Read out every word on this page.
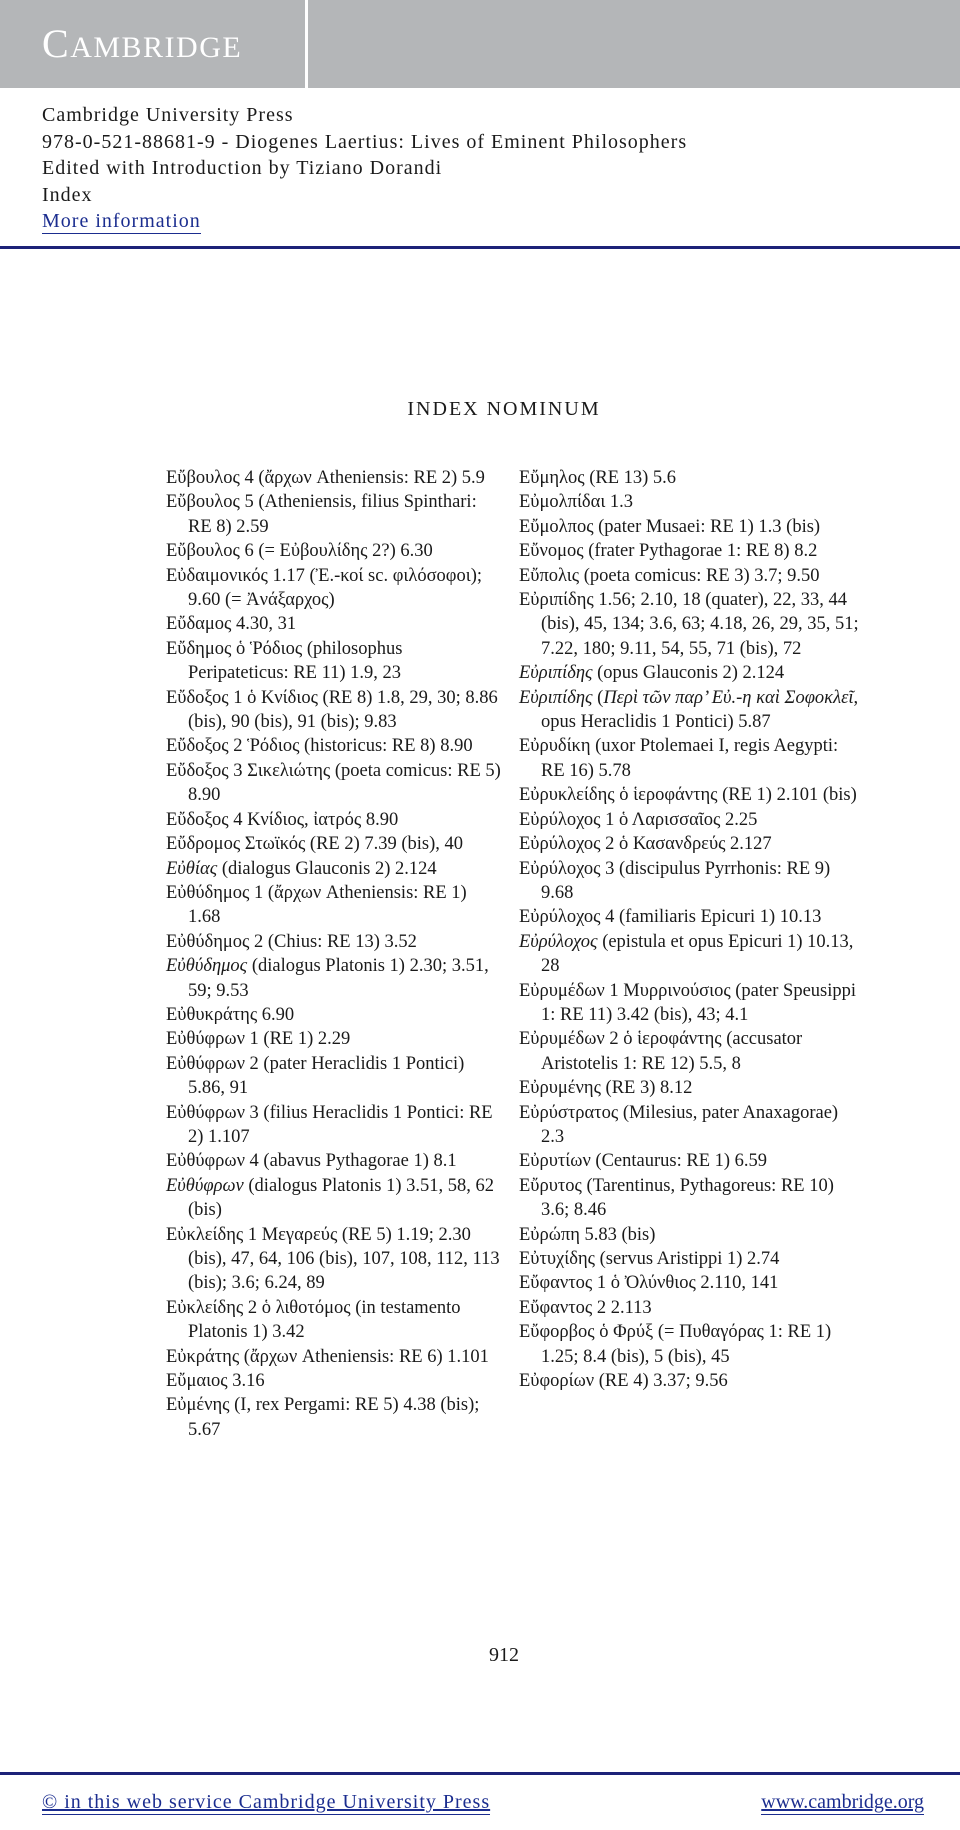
CAMBRIDGE
Cambridge University Press
978-0-521-88681-9 - Diogenes Laertius: Lives of Eminent Philosophers
Edited with Introduction by Tiziano Dorandi
Index
More information
INDEX NOMINUM
Εὔβουλος 4 (ἄρχων Atheniensis: RE 2) 5.9
Εὔβουλος 5 (Atheniensis, filius Spinthari: RE 8) 2.59
Εὔβουλος 6 (= Εὐβουλίδης 2?) 6.30
Εὐδαιμονικός 1.17 (Ἐ.-κοί sc. φιλόσοφοι); 9.60 (= Ἀνάξαρχος)
Εὔδαμος 4.30, 31
Εὔδημος ὁ Ῥόδιος (philosophus Peripateticus: RE 11) 1.9, 23
Εὔδοξος 1 ὁ Κνίδιος (RE 8) 1.8, 29, 30; 8.86 (bis), 90 (bis), 91 (bis); 9.83
Εὔδοξος 2 Ῥόδιος (historicus: RE 8) 8.90
Εὔδοξος 3 Σικελιώτης (poeta comicus: RE 5) 8.90
Εὔδοξος 4 Κνίδιος, ἰατρός 8.90
Εὔδρομος Στωϊκός (RE 2) 7.39 (bis), 40
Εὐθίας (dialogus Glauconis 2) 2.124
Εὐθύδημος 1 (ἄρχων Atheniensis: RE 1) 1.68
Εὐθύδημος 2 (Chius: RE 13) 3.52
Εὐθύδημος (dialogus Platonis 1) 2.30; 3.51, 59; 9.53
Εὐθυκράτης 6.90
Εὐθύφρων 1 (RE 1) 2.29
Εὐθύφρων 2 (pater Heraclidis 1 Pontici) 5.86, 91
Εὐθύφρων 3 (filius Heraclidis 1 Pontici: RE 2) 1.107
Εὐθύφρων 4 (abavus Pythagorae 1) 8.1
Εὐθύφρων (dialogus Platonis 1) 3.51, 58, 62 (bis)
Εὐκλείδης 1 Μεγαρεύς (RE 5) 1.19; 2.30 (bis), 47, 64, 106 (bis), 107, 108, 112, 113 (bis); 3.6; 6.24, 89
Εὐκλείδης 2 ὁ λιθοτόμος (in testamento Platonis 1) 3.42
Εὐκράτης (ἄρχων Atheniensis: RE 6) 1.101
Εὔμαιος 3.16
Εὐμένης (I, rex Pergami: RE 5) 4.38 (bis); 5.67
Εὔμηλος (RE 13) 5.6
Εὐμολπίδαι 1.3
Εὔμολπος (pater Musaei: RE 1) 1.3 (bis)
Εὔνομος (frater Pythagorae 1: RE 8) 8.2
Εὔπολις (poeta comicus: RE 3) 3.7; 9.50
Εὐριπίδης 1.56; 2.10, 18 (quater), 22, 33, 44 (bis), 45, 134; 3.6, 63; 4.18, 26, 29, 35, 51; 7.22, 180; 9.11, 54, 55, 71 (bis), 72
Εὐριπίδης (opus Glauconis 2) 2.124
Εὐριπίδης (Περὶ τῶν παρ’ Εὐ.-η καὶ Σοφοκλεῖ, opus Heraclidis 1 Pontici) 5.87
Εὐρυδίκη (uxor Ptolemaei I, regis Aegypti: RE 16) 5.78
Εὐρυκλείδης ὁ ἱεροφάντης (RE 1) 2.101 (bis)
Εὐρύλοχος 1 ὁ Λαρισσαῖος 2.25
Εὐρύλοχος 2 ὁ Κασανδρεύς 2.127
Εὐρύλοχος 3 (discipulus Pyrrhonis: RE 9) 9.68
Εὐρύλοχος 4 (familiaris Epicuri 1) 10.13
Εὐρύλοχος (epistula et opus Epicuri 1) 10.13, 28
Εὐρυμέδων 1 Μυρρινούσιος (pater Speusippi 1: RE 11) 3.42 (bis), 43; 4.1
Εὐρυμέδων 2 ὁ ἱεροφάντης (accusator Aristotelis 1: RE 12) 5.5, 8
Εὐρυμένης (RE 3) 8.12
Εὐρύστρατος (Milesius, pater Anaxagorae) 2.3
Εὐρυτίων (Centaurus: RE 1) 6.59
Εὔρυτος (Tarentinus, Pythagoreus: RE 10) 3.6; 8.46
Εὐρώπη 5.83 (bis)
Εὐτυχίδης (servus Aristippi 1) 2.74
Εὔφαντος 1 ὁ Ὀλύνθιος 2.110, 141
Εὔφαντος 2 2.113
Εὔφορβος ὁ Φρύξ (= Πυθαγόρας 1: RE 1) 1.25; 8.4 (bis), 5 (bis), 45
Εὐφορίων (RE 4) 3.37; 9.56
912
© in this web service Cambridge University Press	www.cambridge.org
